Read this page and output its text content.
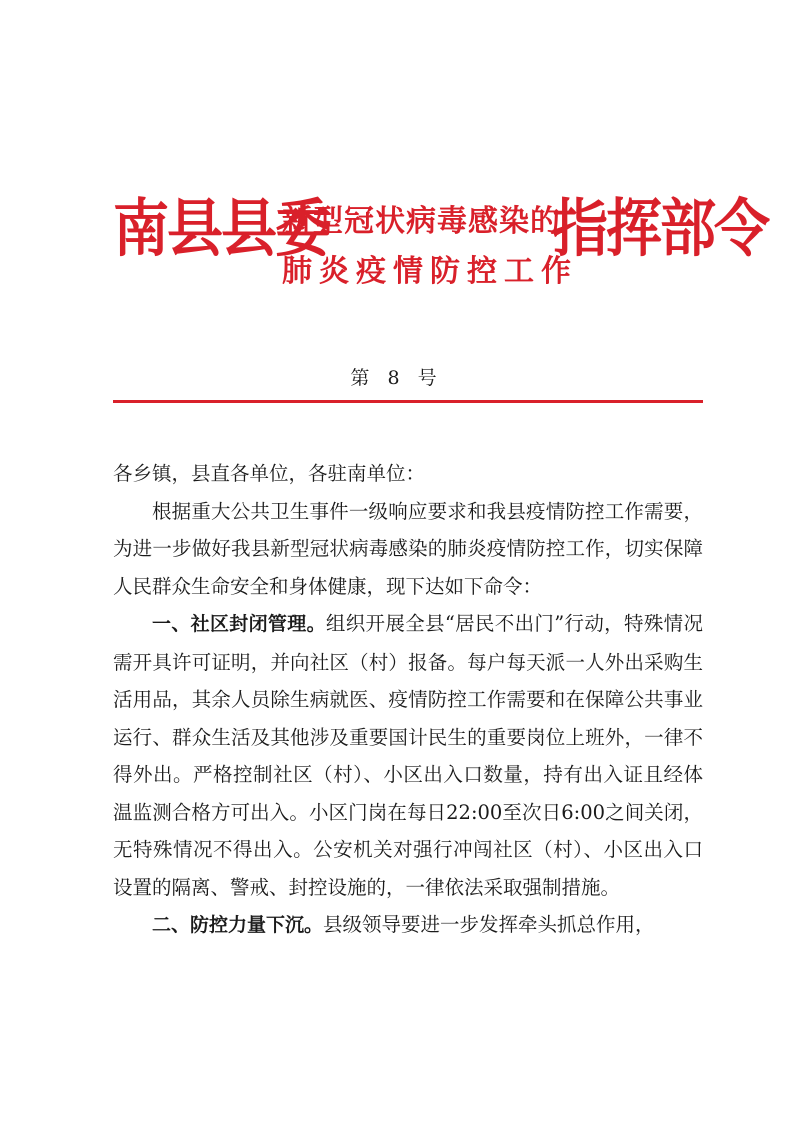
南县县委
新型冠状病毒感染的
肺炎疫情防控工作
指挥部令
第 8 号

各乡镇，县直各单位，各驻南单位：

根据重大公共卫生事件一级响应要求和我县疫情防控工作需要，为进一步做好我县新型冠状病毒感染的肺炎疫情防控工作，切实保障人民群众生命安全和身体健康，现下达如下命令：

一、社区封闭管理。组织开展全县“居民不出门”行动，特殊情况需开具许可证明，并向社区（村）报备。每户每天派一人外出采购生活用品，其余人员除生病就医、疫情防控工作需要和在保障公共事业运行、群众生活及其他涉及重要国计民生的重要岗位上班外，一律不得外出。严格控制社区（村）、小区出入口数量，持有出入证且经体温监测合格方可出入。小区门岗在每日22:00至次日6:00之间关闭，无特殊情况不得出入。公安机关对强行冲闯社区（村）、小区出入口设置的隔离、警戒、封控设施的，一律依法采取强制措施。

二、防控力量下沉。县级领导要进一步发挥牵头抓总作用，
